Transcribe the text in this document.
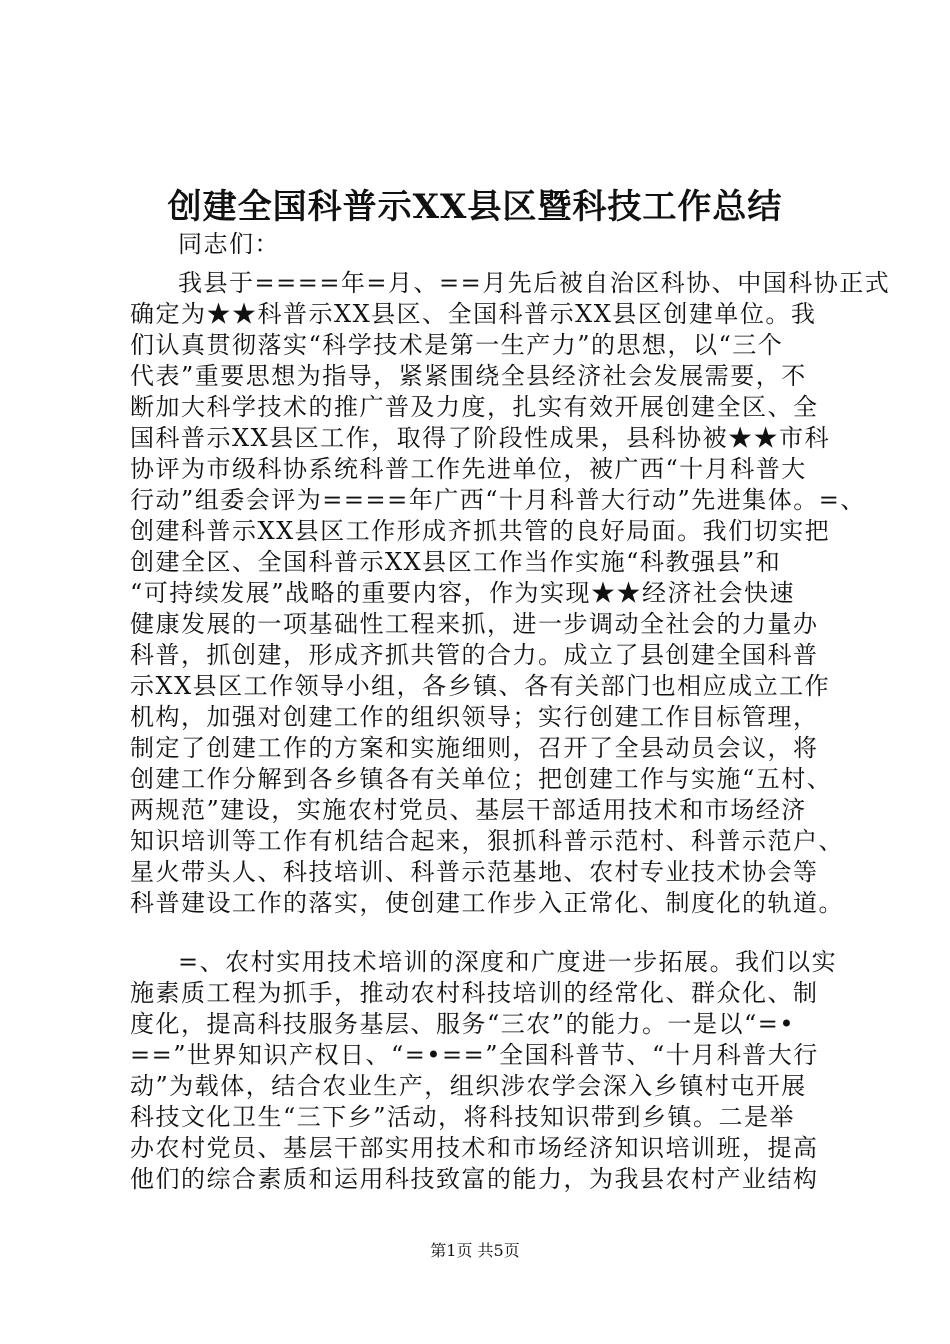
创建全国科普示XX县区暨科技工作总结

同志们：

我县于====年=月、==月先后被自治区科协、中国科协正式

确定为★★科普示XX县区、全国科普示XX县区创建单位。我

们认真贯彻落实“科学技术是第一生产力”的思想，以“三个

代表”重要思想为指导，紧紧围绕全县经济社会发展需要，不

断加大科学技术的推广普及力度，扎实有效开展创建全区、全

国科普示XX县区工作，取得了阶段性成果，县科协被★★市科

协评为市级科协系统科普工作先进单位，被广西“十月科普大

行动”组委会评为====年广西“十月科普大行动”先进集体。=、

创建科普示XX县区工作形成齐抓共管的良好局面。我们切实把

创建全区、全国科普示XX县区工作当作实施“科教强县”和

“可持续发展”战略的重要内容，作为实现★★经济社会快速

健康发展的一项基础性工程来抓，进一步调动全社会的力量办

科普，抓创建，形成齐抓共管的合力。成立了县创建全国科普

示XX县区工作领导小组，各乡镇、各有关部门也相应成立工作

机构，加强对创建工作的组织领导；实行创建工作目标管理，

制定了创建工作的方案和实施细则，召开了全县动员会议，将

创建工作分解到各乡镇各有关单位；把创建工作与实施“五村、

两规范”建设，实施农村党员、基层干部适用技术和市场经济

知识培训等工作有机结合起来，狠抓科普示范村、科普示范户、

星火带头人、科技培训、科普示范基地、农村专业技术协会等

科普建设工作的落实，使创建工作步入正常化、制度化的轨道。

=、农村实用技术培训的深度和广度进一步拓展。我们以实

施素质工程为抓手，推动农村科技培训的经常化、群众化、制

度化，提高科技服务基层、服务“三农”的能力。一是以“=•

==”世界知识产权日、“=•==”全国科普节、“十月科普大行

动”为载体，结合农业生产，组织涉农学会深入乡镇村屯开展

科技文化卫生“三下乡”活动，将科技知识带到乡镇。二是举

办农村党员、基层干部实用技术和市场经济知识培训班，提高

他们的综合素质和运用科技致富的能力，为我县农村产业结构

第1页 共5页
